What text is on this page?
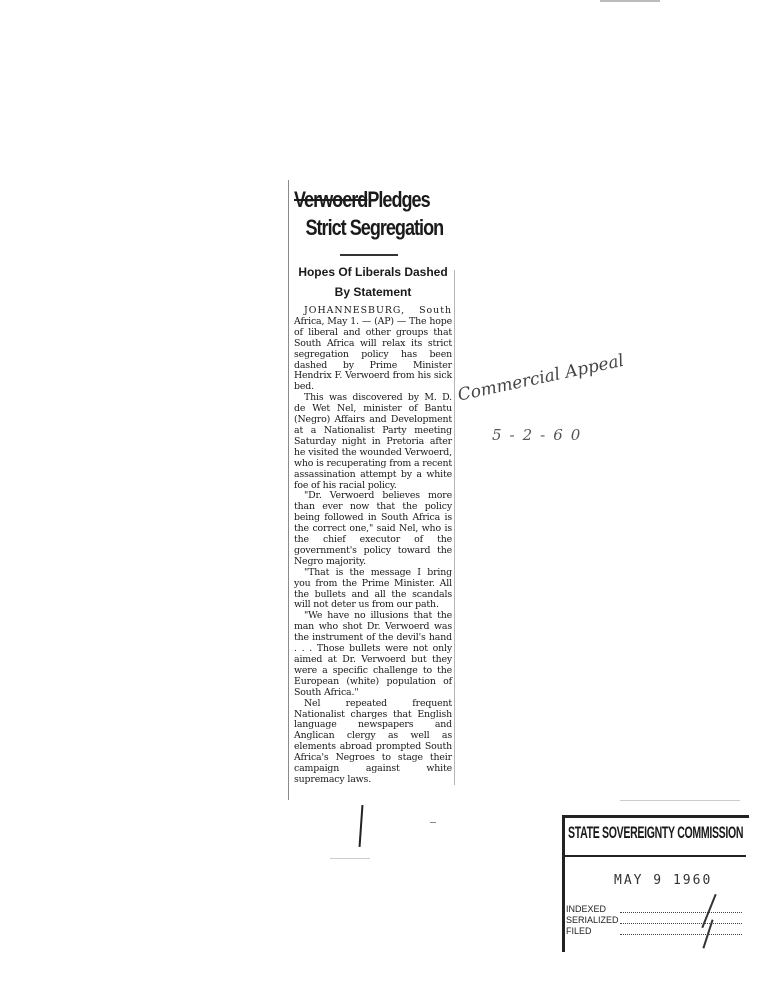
VerwoerdPledges
Strict Segregation
Hopes Of Liberals Dashed
By Statement

JOHANNESBURG, South Africa, May 1. — (AP) — The hope of liberal and other groups that South Africa will relax its strict segregation policy has been dashed by Prime Minister Hendrix F. Verwoerd from his sick bed.

This was discovered by M. D. de Wet Nel, minister of Bantu (Negro) Affairs and Development at a Nationalist Party meeting Saturday night in Pretoria after he visited the wounded Verwoerd, who is recuperating from a recent assassination attempt by a white foe of his racial policy.

"Dr. Verwoerd believes more than ever now that the policy being followed in South Africa is the correct one," said Nel, who is the chief executor of the government's policy toward the Negro majority.

"That is the message I bring you from the Prime Minister. All the bullets and all the scandals will not deter us from our path.

"We have no illusions that the man who shot Dr. Verwoerd was the instrument of the devil's hand . . . Those bullets were not only aimed at Dr. Verwoerd but they were a specific challenge to the European (white) population of South Africa."

Nel repeated frequent Nationalist charges that English language newspapers and Anglican clergy as well as elements abroad prompted South Africa's Negroes to stage their campaign against white supremacy laws.

Commercial Appeal
5-2-60
STATE SOVEREIGNTY COMMISSION
MAY 9 1960
INDEXED
SERIALIZED
FILED
